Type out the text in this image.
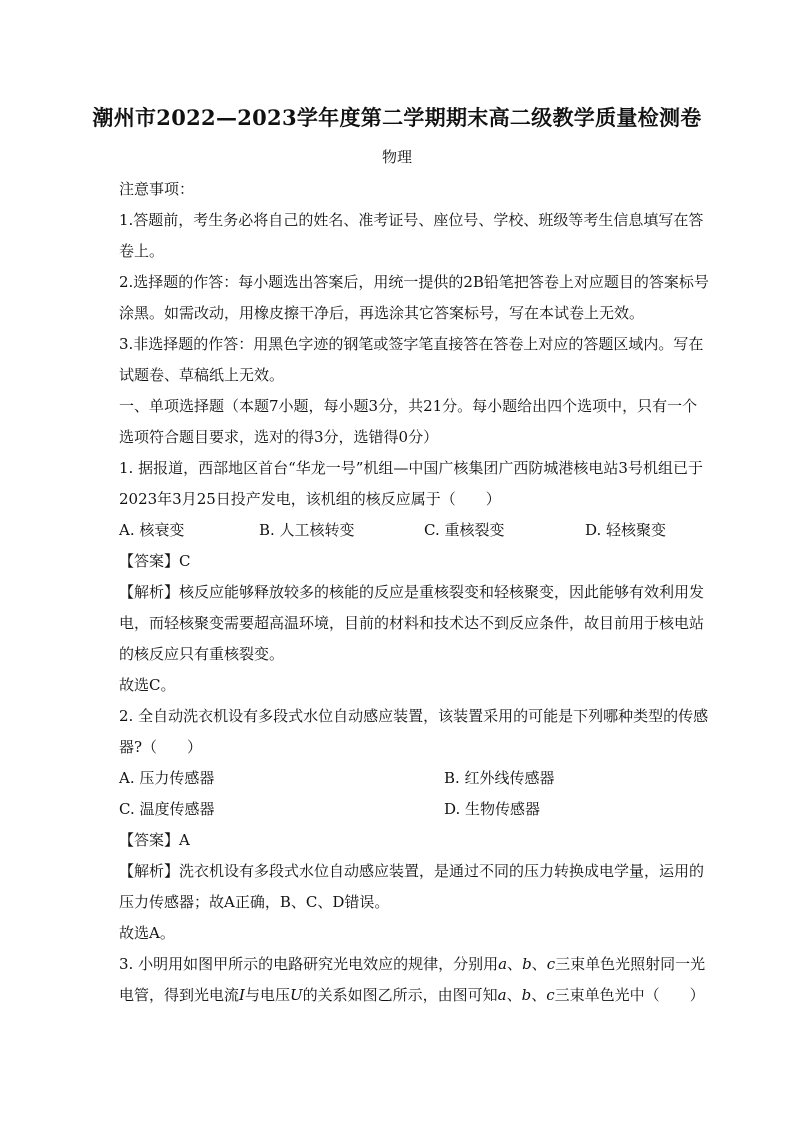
潮州市2022—2023学年度第二学期期末高二级教学质量检测卷
物理
注意事项：
1.答题前，考生务必将自己的姓名、准考证号、座位号、学校、班级等考生信息填写在答
卷上。
2.选择题的作答：每小题选出答案后，用统一提供的2B铅笔把答卷上对应题目的答案标号
涂黑。如需改动，用橡皮擦干净后，再选涂其它答案标号，写在本试卷上无效。
3.非选择题的作答：用黑色字迹的钢笔或签字笔直接答在答卷上对应的答题区域内。写在
试题卷、草稿纸上无效。
一、单项选择题（本题7小题，每小题3分，共21分。每小题给出四个选项中，只有一个
选项符合题目要求，选对的得3分，选错得0分）
1. 据报道，西部地区首台“华龙一号”机组—中国广核集团广西防城港核电站3号机组已于
2023年3月25日投产发电，该机组的核反应属于（　　）
A. 核衰变	B. 人工核转变	C. 重核裂变	D. 轻核聚变
【答案】C
【解析】核反应能够释放较多的核能的反应是重核裂变和轻核聚变，因此能够有效利用发
电，而轻核聚变需要超高温环境，目前的材料和技术达不到反应条件，故目前用于核电站
的核反应只有重核裂变。
故选C。
2. 全自动洗衣机设有多段式水位自动感应装置，该装置采用的可能是下列哪种类型的传感
器?（　　）
A. 压力传感器	B. 红外线传感器
C. 温度传感器	D. 生物传感器
【答案】A
【解析】洗衣机设有多段式水位自动感应装置，是通过不同的压力转换成电学量，运用的
压力传感器；故A正确，B、C、D错误。
故选A。
3. 小明用如图甲所示的电路研究光电效应的规律，分别用a、b、c三束单色光照射同一光
电管，得到光电流I与电压U的关系如图乙所示，由图可知a、b、c三束单色光中（　　）
